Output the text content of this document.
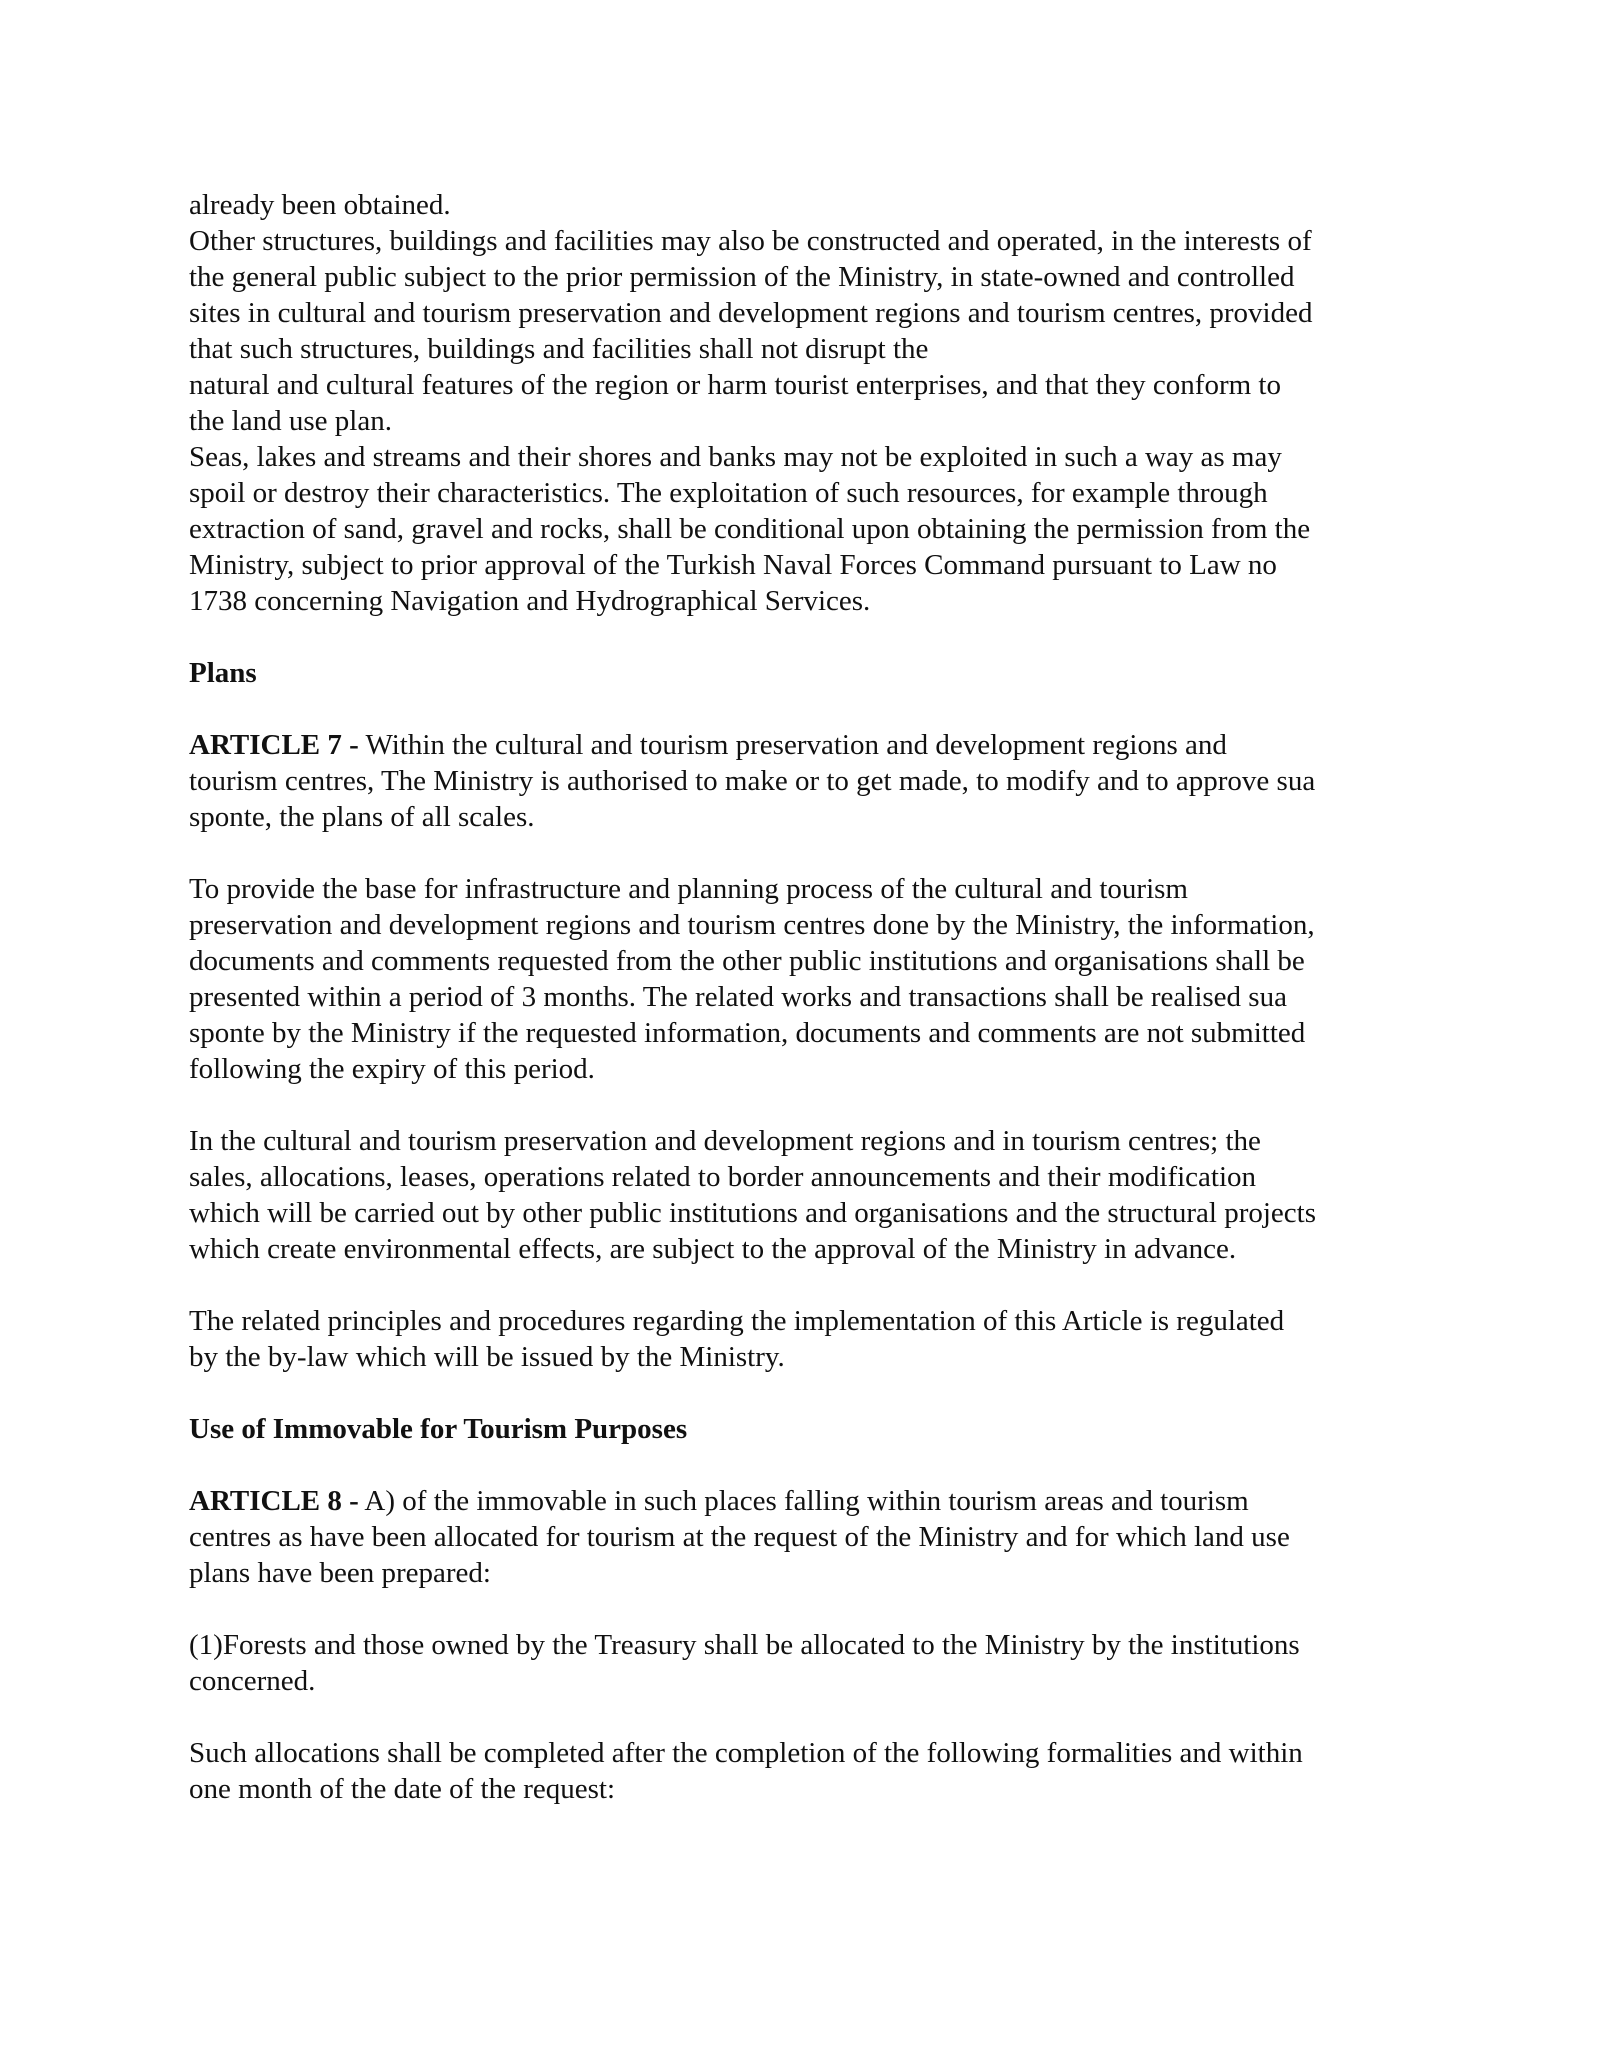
already been obtained.
Other structures, buildings and facilities may also be constructed and operated, in the interests of
the general public subject to the prior permission of the Ministry, in state-owned and controlled
sites in cultural and tourism preservation and development regions and tourism centres, provided
that such structures, buildings and facilities shall not disrupt the
natural and cultural features of the region or harm tourist enterprises, and that they conform to
the land use plan.
Seas, lakes and streams and their shores and banks may not be exploited in such a way as may
spoil or destroy their characteristics. The exploitation of such resources, for example through
extraction of sand, gravel and rocks, shall be conditional upon obtaining the permission from the
Ministry, subject to prior approval of the Turkish Naval Forces Command pursuant to Law no
1738 concerning Navigation and Hydrographical Services.
Plans
ARTICLE 7 - Within the cultural and tourism preservation and development regions and
tourism centres, The Ministry is authorised to make or to get made, to modify and to approve sua
sponte, the plans of all scales.
To provide the base for infrastructure and planning process of the cultural and tourism
preservation and development regions and tourism centres done by the Ministry, the information,
documents and comments requested from the other public institutions and organisations shall be
presented within a period of 3 months. The related works and transactions shall be realised sua
sponte by the Ministry if the requested information, documents and comments are not submitted
following the expiry of this period.
In the cultural and tourism preservation and development regions and in tourism centres; the
sales, allocations, leases, operations related to border announcements and their modification
which will be carried out by other public institutions and organisations and the structural projects
which create environmental effects, are subject to the approval of the Ministry in advance.
The related principles and procedures regarding the implementation of this Article is regulated
by the by-law which will be issued by the Ministry.
Use of Immovable for Tourism Purposes
ARTICLE 8 - A) of the immovable in such places falling within tourism areas and tourism
centres as have been allocated for tourism at the request of the Ministry and for which land use
plans have been prepared:
(1)Forests and those owned by the Treasury shall be allocated to the Ministry by the institutions
concerned.
Such allocations shall be completed after the completion of the following formalities and within
one month of the date of the request:
